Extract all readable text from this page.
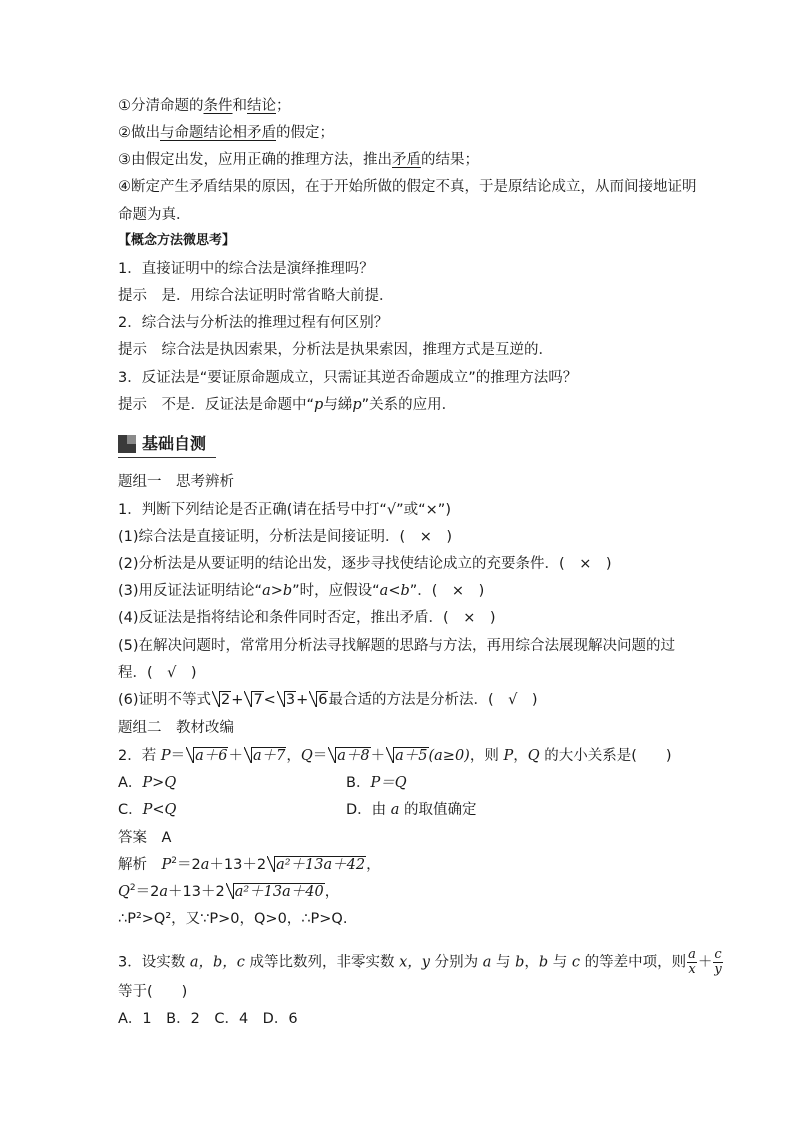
①分清命题的条件和结论；
②做出与命题结论相矛盾的假定；
③由假定出发，应用正确的推理方法，推出矛盾的结果；
④断定产生矛盾结果的原因，在于开始所做的假定不真，于是原结论成立，从而间接地证明
命题为真．
【概念方法微思考】
1．直接证明中的综合法是演绎推理吗？
提示　是．用综合法证明时常省略大前提．
2．综合法与分析法的推理过程有何区别？
提示　综合法是执因索果，分析法是执果索因，推理方式是互逆的．
3．反证法是“要证原命题成立，只需证其逆否命题成立”的推理方法吗？
提示　不是．反证法是命题中“p与綈p”关系的应用．
基础自测
题组一　思考辨析
1．判断下列结论是否正确(请在括号中打“√”或“×”)
(1)综合法是直接证明，分析法是间接证明．(　×　)
(2)分析法是从要证明的结论出发，逐步寻找使结论成立的充要条件．(　×　)
(3)用反证法证明结论“a>b”时，应假设“a<b”．(　×　)
(4)反证法是指将结论和条件同时否定，推出矛盾．(　×　)
(5)在解决问题时，常常用分析法寻找解题的思路与方法，再用综合法展现解决问题的过
程．(　√　)
(6)证明不等式 2+ 7< 3+ 6最合适的方法是分析法．(　√　)
题组二　教材改编
2．若 P＝ a＋6＋ a＋7，Q＝ a＋8＋ a＋5(a≥0)，则 P，Q 的大小关系是(　　)
A．P>Q	B．P＝Q
C．P<Q	D．由 a 的取值确定
答案　A
解析　$P^2=2a+13+2$ a²＋13a＋42，
$Q^2=2a+13+2$ a²＋13a＋40，
∴P²>Q²，又∵P>0，Q>0，∴P>Q.
3．设实数 a，b，c 成等比数列，非零实数 x，y 分别为 a 与 b，b 与 c 的等差中项，则 $\frac{a}{x} + \frac{c}{y}$
等于(　　)
A．1　B．2　C．4　D．6
